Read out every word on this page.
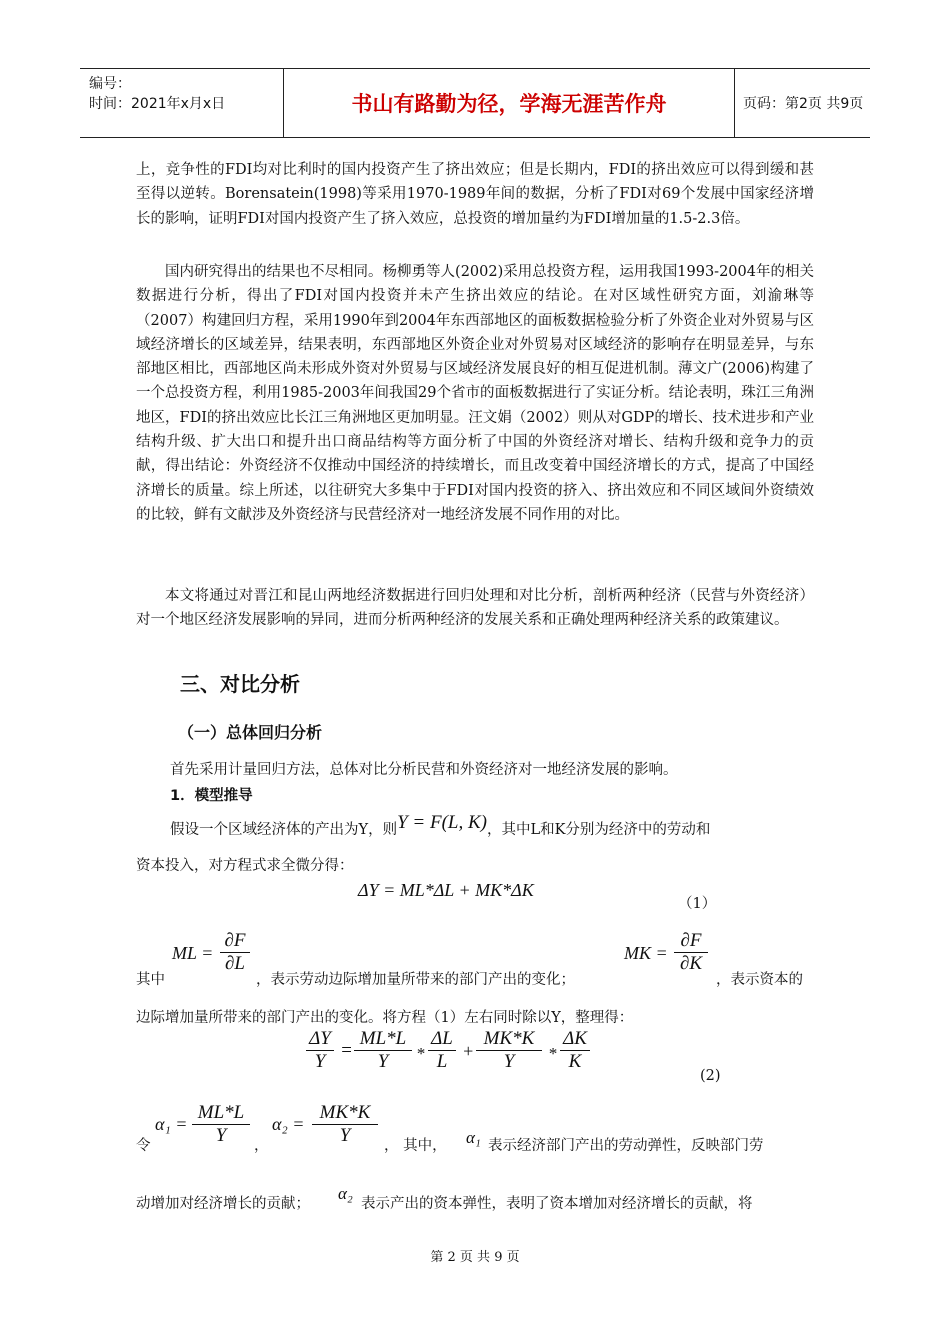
编号：
时间：2021年x月x日	书山有路勤为径，学海无涯苦作舟	页码：第2页 共9页
上，竞争性的FDI均对比利时的国内投资产生了挤出效应；但是长期内，FDI的挤出效应可以得到缓和甚至得以逆转。Borensatein(1998)等采用1970-1989年间的数据，分析了FDI对69个发展中国家经济增长的影响，证明FDI对国内投资产生了挤入效应，总投资的增加量约为FDI增加量的1.5-2.3倍。
国内研究得出的结果也不尽相同。杨柳勇等人(2002)采用总投资方程，运用我国1993-2004年的相关数据进行分析，得出了FDI对国内投资并未产生挤出效应的结论。在对区域性研究方面，刘渝琳等（2007）构建回归方程，采用1990年到2004年东西部地区的面板数据检验分析了外资企业对外贸易与区域经济增长的区域差异，结果表明，东西部地区外资企业对外贸易对区域经济的影响存在明显差异，与东部地区相比，西部地区尚未形成外资对外贸易与区域经济发展良好的相互促进机制。薄文广(2006)构建了一个总投资方程，利用1985-2003年间我国29个省市的面板数据进行了实证分析。结论表明，珠江三角洲地区，FDI的挤出效应比长江三角洲地区更加明显。汪文娟（2002）则从对GDP的增长、技术进步和产业结构升级、扩大出口和提升出口商品结构等方面分析了中国的外资经济对增长、结构升级和竞争力的贡献，得出结论：外资经济不仅推动中国经济的持续增长，而且改变着中国经济增长的方式，提高了中国经济增长的质量。综上所述，以往研究大多集中于FDI对国内投资的挤入、挤出效应和不同区域间外资绩效的比较，鲜有文献涉及外资经济与民营经济对一地经济发展不同作用的对比。
本文将通过对晋江和昆山两地经济数据进行回归处理和对比分析，剖析两种经济（民营与外资经济）对一个地区经济发展影响的异同，进而分析两种经济的发展关系和正确处理两种经济关系的政策建议。
三、对比分析
（一）总体回归分析
首先采用计量回归方法，总体对比分析民营和外资经济对一地经济发展的影响。
1．模型推导
假设一个区域经济体的产出为Y，则Y = F(L, K)，其中L和K分别为经济中的劳动和
资本投入，对方程式求全微分得：
ΔY = ML*ΔL + MK*ΔK
（1）
其中
ML =
∂F
∂L
，表示劳动边际增加量所带来的部门产出的变化；
MK =
∂F
∂K
，表示资本的
边际增加量所带来的部门产出的变化。将方程（1）左右同时除以Y，整理得：
ΔY
Y
=
ML*L
Y	*
ΔL
L +
MK*K
Y	*
ΔK
K
(2)
令
α₁ =
ML*L
Y	，
α₂ =
MK*K
Y	， 其中， α₁ 表示经济部门产出的劳动弹性，反映部门劳
动增加对经济增长的贡献；
α₂
表示产出的资本弹性，表明了资本增加对经济增长的贡献，将
第 2 页 共 9 页
